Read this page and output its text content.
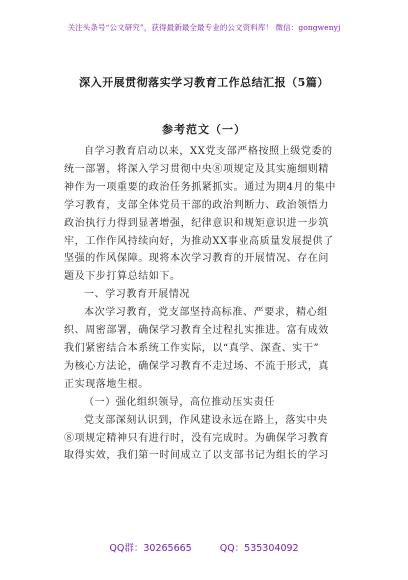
关注头条号“公文研究”，获得最新最全最专业的公文资料库！ 微信：gongwenyj
深入开展贯彻落实学习教育工作总结汇报（5篇）
参考范文（一）
自学习教育启动以来，XX党支部严格按照上级党委的
统一部署，将深入学习贯彻中央⑧项规定及其实施细则精
神作为一项重要的政治任务抓紧抓实。通过为期4月的集中
学习教育，支部全体党员干部的政治判断力、政治领悟力
政治执行力得到显著增强，纪律意识和规矩意识进一步筑
牢，工作作风持续向好，为推动XX事业高质量发展提供了
坚强的作风保障。现将本次学习教育的开展情况、存在问
题及下步打算总结如下。
一、学习教育开展情况
本次学习教育，党支部坚持高标准、严要求，精心组
织、周密部署，确保学习教育全过程扎实推进。富有成效
我们紧密结合本系统工作实际，以“真学、深查、实干”
为核心方法论，确保学习教育不走过场、不流于形式，真
正实现落地生根。
（一）强化组织领导，高位推动压实责任
党支部深刻认识到，作风建设永远在路上，落实中央
⑧项规定精神只有进行时，没有完成时。为确保学习教育
取得实效，我们第一时间成立了以支部书记为组长的学习
QQ群：30265665	QQ：535304092
